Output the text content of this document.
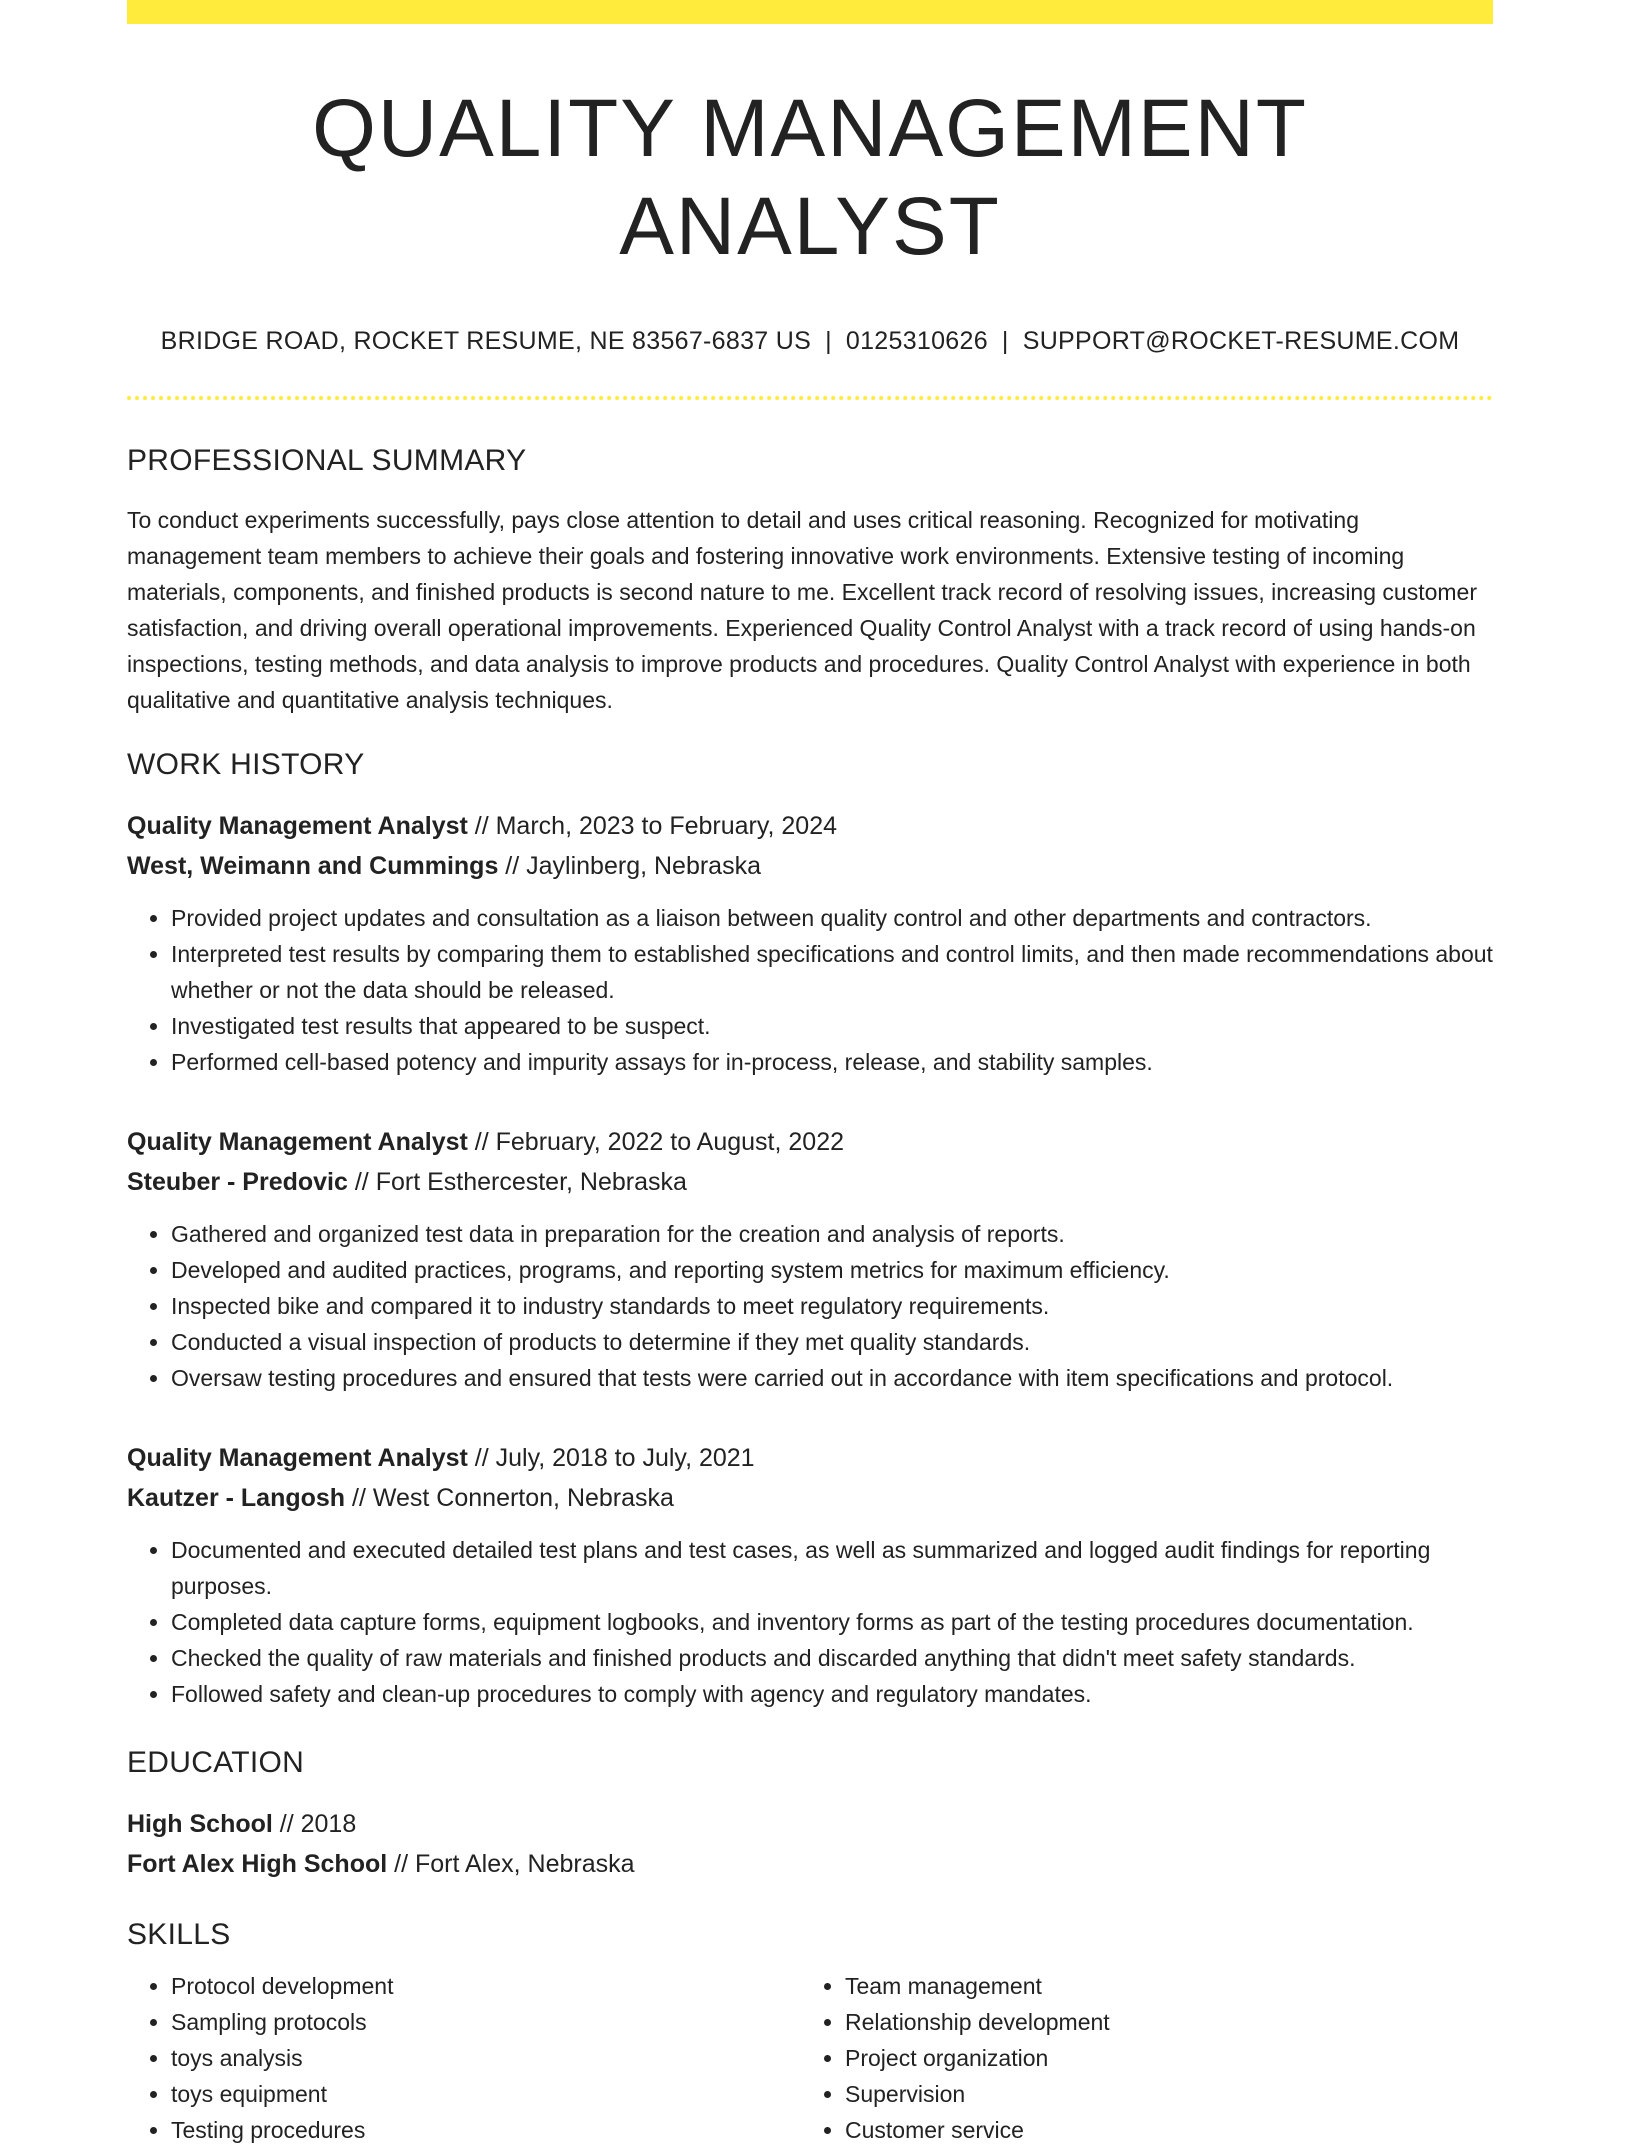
QUALITY MANAGEMENT ANALYST
BRIDGE ROAD, ROCKET RESUME, NE 83567-6837 US | 0125310626 | SUPPORT@ROCKET-RESUME.COM
PROFESSIONAL SUMMARY
To conduct experiments successfully, pays close attention to detail and uses critical reasoning. Recognized for motivating management team members to achieve their goals and fostering innovative work environments. Extensive testing of incoming materials, components, and finished products is second nature to me. Excellent track record of resolving issues, increasing customer satisfaction, and driving overall operational improvements. Experienced Quality Control Analyst with a track record of using hands-on inspections, testing methods, and data analysis to improve products and procedures. Quality Control Analyst with experience in both qualitative and quantitative analysis techniques.
WORK HISTORY
Quality Management Analyst // March, 2023 to February, 2024
West, Weimann and Cummings // Jaylinberg, Nebraska
• Provided project updates and consultation as a liaison between quality control and other departments and contractors.
• Interpreted test results by comparing them to established specifications and control limits, and then made recommendations about whether or not the data should be released.
• Investigated test results that appeared to be suspect.
• Performed cell-based potency and impurity assays for in-process, release, and stability samples.
Quality Management Analyst // February, 2022 to August, 2022
Steuber - Predovic // Fort Esthercester, Nebraska
• Gathered and organized test data in preparation for the creation and analysis of reports.
• Developed and audited practices, programs, and reporting system metrics for maximum efficiency.
• Inspected bike and compared it to industry standards to meet regulatory requirements.
• Conducted a visual inspection of products to determine if they met quality standards.
• Oversaw testing procedures and ensured that tests were carried out in accordance with item specifications and protocol.
Quality Management Analyst // July, 2018 to July, 2021
Kautzer - Langosh // West Connerton, Nebraska
• Documented and executed detailed test plans and test cases, as well as summarized and logged audit findings for reporting purposes.
• Completed data capture forms, equipment logbooks, and inventory forms as part of the testing procedures documentation.
• Checked the quality of raw materials and finished products and discarded anything that didn't meet safety standards.
• Followed safety and clean-up procedures to comply with agency and regulatory mandates.
EDUCATION
High School // 2018
Fort Alex High School // Fort Alex, Nebraska
SKILLS
• Protocol development
• Sampling protocols
• toys analysis
• toys equipment
• Testing procedures
• Team management
• Relationship development
• Project organization
• Supervision
• Customer service
